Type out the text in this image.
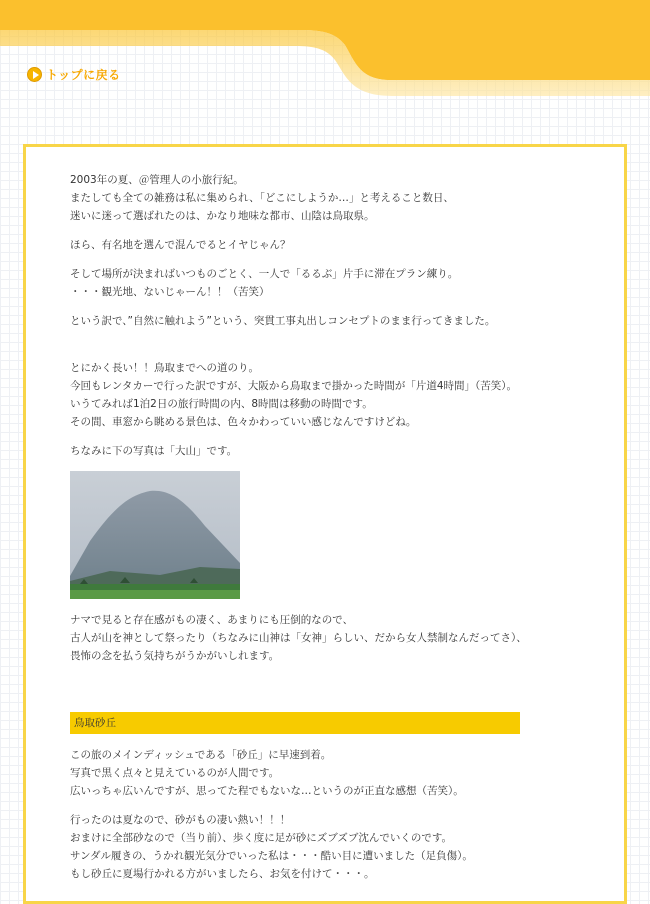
トップに戻る

2003年の夏、＠管理人の小旅行紀。
またしても全ての雑務は私に集められ、「どこにしようか…」と考えること数日、
迷いに迷って選ばれたのは、かなり地味な都市、山陰は鳥取県。

ほら、有名地を選んで混んでるとイヤじゃん？

そして場所が決まればいつものごとく、一人で「るるぶ」片手に滞在プラン練り。
・・・観光地、ないじゃーん！！（苦笑）

という訳で、”自然に触れよう”という、突貫工事丸出しコンセプトのまま行ってきました。

とにかく長い！！鳥取までへの道のり。
今回もレンタカーで行った訳ですが、大阪から鳥取まで掛かった時間が「片道4時間」（苦笑）。
いうてみれば1泊2日の旅行時間の内、8時間は移動の時間です。
その間、車窓から眺める景色は、色々かわっていい感じなんですけどね。

ちなみに下の写真は「大山」です。

ナマで見ると存在感がもの凄く、あまりにも圧倒的なので、
古人が山を神として祭ったり（ちなみに山神は「女神」らしい、だから女人禁制なんだってさ）、
畏怖の念を払う気持ちがうかがいしれます。

鳥取砂丘

この旅のメインディッシュである「砂丘」に早速到着。
写真で黒く点々と見えているのが人間です。
広いっちゃ広いんですが、思ってた程でもないな…というのが正直な感想（苦笑）。

行ったのは夏なので、砂がもの凄い熱い！！！
おまけに全部砂なので（当り前）、歩く度に足が砂にズブズブ沈んでいくのです。
サンダル履きの、うかれ観光気分でいった私は・・・酷い目に遭いました（足負傷）。
もし砂丘に夏場行かれる方がいましたら、お気を付けて・・・。
